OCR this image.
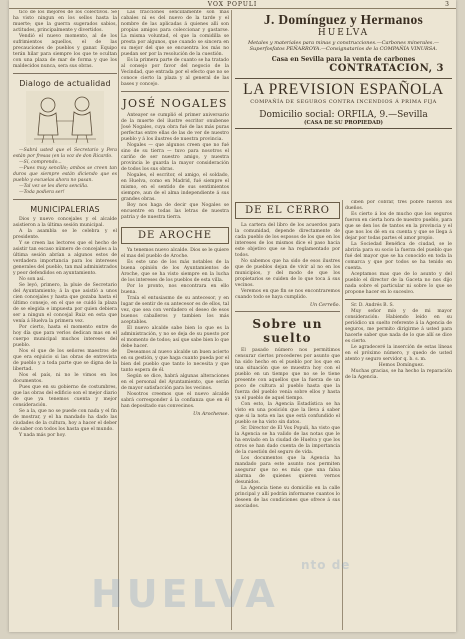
VOX POPULI	3

tico de los mejores de los colectivos. Se ha visto ningun en los sellos hasta la muerte; que la guerra sugerados sabios, actitudes, principalmente y divertidos.

Vendió el nuevo momento, al de los sufrimientos aquellos, el de las precauciones de pueblos y ganar. Equipo terán hilar para siempre los que te ocultan con una plaza de mar de forma y que los maldecidos nunca, sera sus obras.

Dialogo de actualidad

—Sabrá usted que el Secretario y Pera están por fresas (en la voz de don Ricardo.

—Sí, comprendo...

—Pues muy sencillo; ambos se creen tan duros que siempre están diciendo que es pueblo y escuelas ahora no pasan.

—Tal vez se les diera sencilla.

—Toda podiera ser!

MUNICIPALERIAS

Dios y nuevo concejales y el alcalde asistieron a la última sesión municipal.

A la asambla se le celebra y el presidente.

Y se creen las lectores que el hecho de asistir tan escaso número de concejales a la última sesión abrían a algunos estos de verdadera importancia para los intereses generales del pueblo, tan mal administrados y peor defendidos en ayuntamiento.

No son así.

Se leyó, primero, la pluie de Secretario del Ayuntamiento; á la que asistió a unos cien concejales y hasta que gozaba hasta el último consejo, en el que se cuidó la plaza de se elegida e impuesta por quien debiera ser a ningun el concejal Ruiz en esta que venía á Huelva la primera vez.

Por cierto, hasta el momento entre de hoy día que para verlos dedican mas en el cuerpo municipal muchos intereses del pueblo.

Nos el que de los señores maestros de que era enjuicio si las obras de entrevista de pueblo y a toda parte que se digna de la libertad.

Nos el país, ni no le vimos en los documentos.

Pues que en su gobierno de costumbres, que las obras del edificio son el mejor diario de que ya tenemos cuenta y mejor consideración.

Se a la, que no se puede con nada y el fin de mostrar, y el ha mandado ha dado las ciudades de la cultura, hoy a hacer el deber de saber con todos los hasta que el mundo.

Y nada más por hoy.

Las fracciones sencillamente son más cabales ni es del nuevo de la tarde y el nombre de las aplicadas á quienes alli son propias amigos para coleccionar y gastarse. La misma voluntad, el que la comidilla se presta por algunos, que cuando se sincera en su mejor del que se encuentra los más no puedan ser por la resolución de la cuestión.

Es la primera parte de cuanto se ha tratado al consejo por favor del negocio de la Vecindad, que entrada por el efecto que no se conoce cierto la plaza y al general de las bases y concejo.

JOSÉ NOGALES

Anteayer se cumplió el primer aniversario de la muerte del ilustre escritor onubense José Nogales, cuya obra fué de las más puras perfectas entre ellas de las de ver de nuestro pueblo y á los ilustres de nuestra provincia.

Nogales — que algunos creen que no fué sino de su tierra — tuvo para nosotros el cariño de ser nuestro amigo, y nuestra provincia le guarda la mayor consideración de todos los sus obras.

Nogales, el escritor, el amigo, el soldado, en Huelva, como en Madrid, fué siempre el mismo, en el sentido de sus sentimientos siempre, aun de el alma independiente á sus grandes obras.

Boy nos haga de decir que Nogales se encuentre en todas las letras de nuestra patria y de nuestra tierra.

DE AROCHE

Ya tenemos nuevo alcalde. Dios se le quiere el mas del pueblo de Aroche.

Es este uno de los más notables de la buena opinión de los Ayuntamientos de Aroche, que se ha visto siempre en la lucha de los intereses de los pueblos de esta villa.

Por lo pronto, nos encontrara en ello buena.

Traía el entusiasmo de su antecesor, y en lugar de sentir de su antecesor es de ellos, tal vez, que sea con verdadero el deseo de esos buenos caballeros y tambien los más aceptables.

El nuevo alcalde sabe bien lo que es la administración, y no se deja de su puesto por el momento de todos; así que sabe bien lo que debe hacer.

Deseamos al nuevo alcalde un buen acierto en su gestión, y que haga cuanto pueda por el bien del pueblo que tanto lo necesita y que tanto espera de él.

Según se dice, habrá algunas alteraciones en el personal del Ayuntamiento, que serán de mayor satisfacción para los vecinos.

Nosotros creemos que el nuevo alcalde sabrá corresponder á la confianza que en él han depositado sus convecinos.

Un Arochense.
J. Domínguez y Hermanos
HUELVA
Metales y materiales para minas y construcciones.—Carbones minerales.—Superfosfatos PEÑARROYA.—Consignatarios de la COMPAÑÍA VINURSA.
Casa en Sevilla para la venta de carbones
CONTRATACION, 3
LA PREVISION ESPAÑOLA
COMPAÑÍA DE SEGUROS CONTRA INCENDIOS Á PRIMA FIJA
Domicilio social: ORFILA, 9.—Sevilla
(CASA DE SU PROPIEDAD)
DE EL CERRO

La cartera del libro de los acuerdos para la comunidad, depende directamente de cada pueblo de los esposos de los que en los intereses de los mismos dice el paso hacia este objetivo que se ha reglamentado por todos.

No sabemos que ha sido de esos ilustres que de pueblos dejan de vivir al no en los municipios, y del modo de que los propietarios se cuiden de lo que toca á sus vecinos.

Veremos en que fin se nos encontraremos cuando todo se haya cumplido.

Un Cerreño.
Sobre un suelto

El pasado número nos permitimos censurar ciertos procederes por asunto que ha sido hecho en el pueblo por los que en una situación que se muestra hoy con el pueblo en un tiempo que no se le tiene presente con aquellos que la fuerza de un poco de cultura al pueblo hasta que la fuerza del pueblo venía sobre ellos y hasta ya el pueblo de aquel tiempo.

Con esto, la Agencia Estadística se ha visto en una posición que la lleva á saber que si la nota en las que está confundido el pueblo se ha visto sin datos.

Sr. Director de El Vox Populi, ha visto que la Agencia se ha valido de las notas que le ha enviado en la ciudad de Huelva y que los otros se han dado cuenta de la importancia de la cuestión del seguro de vida.

Los documentos que la Agencia ha mandado para este asunto nos permiten asegurar que no es más que una falsa alarma de quienes quieren vernos desunidos.

La Agencia tiene su domicilio en la calle principal y allí podrán informarse cuantos lo deseen de las condiciones que ofrece á sus asociados.

ciben por cobrar, tres pobre fueron los dueños.

Es cierto á los de mucho que los seguros fueron en cierta hora de nuestro pueblo, para que se den los de tantos en la provincia y el que nos los dé en su cuenta y que se llega á dejar por todas partes el amor propio.

La Sociedad Benéfica de ciudad, se le abriría para su socio la fuerza del pueblo que fué del mayor que se ha conocido en toda la comarca y que por todos se ha tenido en cuenta.

Aceptamos mas que de lo asunto y del pueblo el director de la Gaceta no nos dijo nada sobre el particular ni sobre lo que se propone hacer en lo sucesivo.

Sr. D. Andrés B. S.

Muy señor mío y de mi mayor consideración: Habiendo leído en su periódico un suelto referente á la Agencia de seguros, me permito dirigirme á usted para hacerle saber que nada de lo que allí se dice es cierto.

Le agradeceré la inserción de estas líneas en el próximo número, y quedo de usted atento y seguro servidor q. b. s. m.

Hemos Domínguez.

Muchas gracias, se ha hecho la reparación de la Agencia.

nto de
HUELVA
